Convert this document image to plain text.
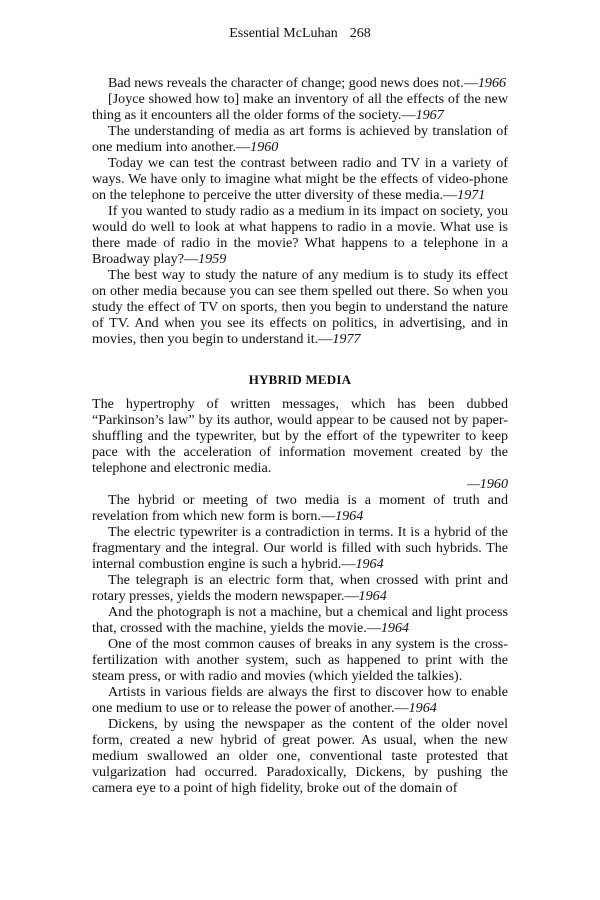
Essential McLuhan 268

Bad news reveals the character of change; good news does not.—1966

[Joyce showed how to] make an inventory of all the effects of the new thing as it encounters all the older forms of the society.—1967

The understanding of media as art forms is achieved by translation of one medium into another.—1960

Today we can test the contrast between radio and TV in a variety of ways. We have only to imagine what might be the effects of video-phone on the telephone to perceive the utter diversity of these media.—1971

If you wanted to study radio as a medium in its impact on society, you would do well to look at what happens to radio in a movie. What use is there made of radio in the movie? What happens to a telephone in a Broadway play?—1959

The best way to study the nature of any medium is to study its effect on other media because you can see them spelled out there. So when you study the effect of TV on sports, then you begin to understand the nature of TV. And when you see its effects on politics, in advertising, and in movies, then you begin to understand it.—1977

HYBRID MEDIA

The hypertrophy of written messages, which has been dubbed “Parkinson’s law” by its author, would appear to be caused not by paper-shuffling and the typewriter, but by the effort of the typewriter to keep pace with the acceleration of information movement created by the telephone and electronic media.

—1960

The hybrid or meeting of two media is a moment of truth and revelation from which new form is born.—1964

The electric typewriter is a contradiction in terms. It is a hybrid of the fragmentary and the integral. Our world is filled with such hybrids. The internal combustion engine is such a hybrid.—1964

The telegraph is an electric form that, when crossed with print and rotary presses, yields the modern newspaper.—1964

And the photograph is not a machine, but a chemical and light process that, crossed with the machine, yields the movie.—1964

One of the most common causes of breaks in any system is the cross-fertilization with another system, such as happened to print with the steam press, or with radio and movies (which yielded the talkies).

Artists in various fields are always the first to discover how to enable one medium to use or to release the power of another.—1964

Dickens, by using the newspaper as the content of the older novel form, created a new hybrid of great power. As usual, when the new medium swallowed an older one, conventional taste protested that vulgarization had occurred. Paradoxically, Dickens, by pushing the camera eye to a point of high fidelity, broke out of the domain of
